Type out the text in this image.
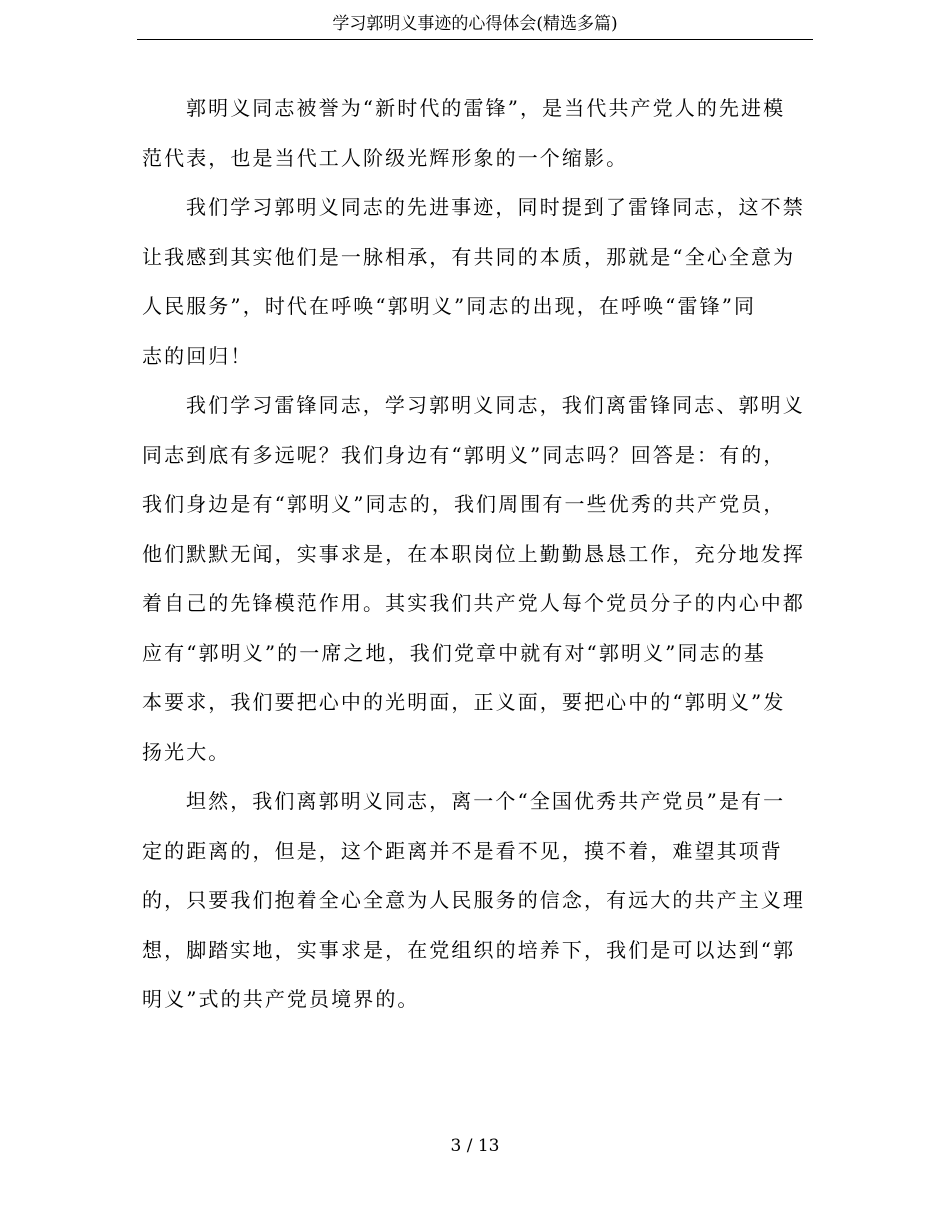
学习郭明义事迹的心得体会(精选多篇)
郭明义同志被誉为“新时代的雷锋”，是当代共产党人的先进模
范代表，也是当代工人阶级光辉形象的一个缩影。
我们学习郭明义同志的先进事迹，同时提到了雷锋同志，这不禁
让我感到其实他们是一脉相承，有共同的本质，那就是“全心全意为
人民服务”，时代在呼唤“郭明义”同志的出现，在呼唤“雷锋”同
志的回归！
我们学习雷锋同志，学习郭明义同志，我们离雷锋同志、郭明义
同志到底有多远呢？我们身边有“郭明义”同志吗？回答是：有的，
我们身边是有“郭明义”同志的，我们周围有一些优秀的共产党员，
他们默默无闻，实事求是，在本职岗位上勤勤恳恳工作，充分地发挥
着自己的先锋模范作用。其实我们共产党人每个党员分子的内心中都
应有“郭明义”的一席之地，我们党章中就有对“郭明义”同志的基
本要求，我们要把心中的光明面，正义面，要把心中的“郭明义”发
扬光大。
坦然，我们离郭明义同志，离一个“全国优秀共产党员”是有一
定的距离的，但是，这个距离并不是看不见，摸不着，难望其项背
的，只要我们抱着全心全意为人民服务的信念，有远大的共产主义理
想，脚踏实地，实事求是，在党组织的培养下，我们是可以达到“郭
明义”式的共产党员境界的。
3 / 13
